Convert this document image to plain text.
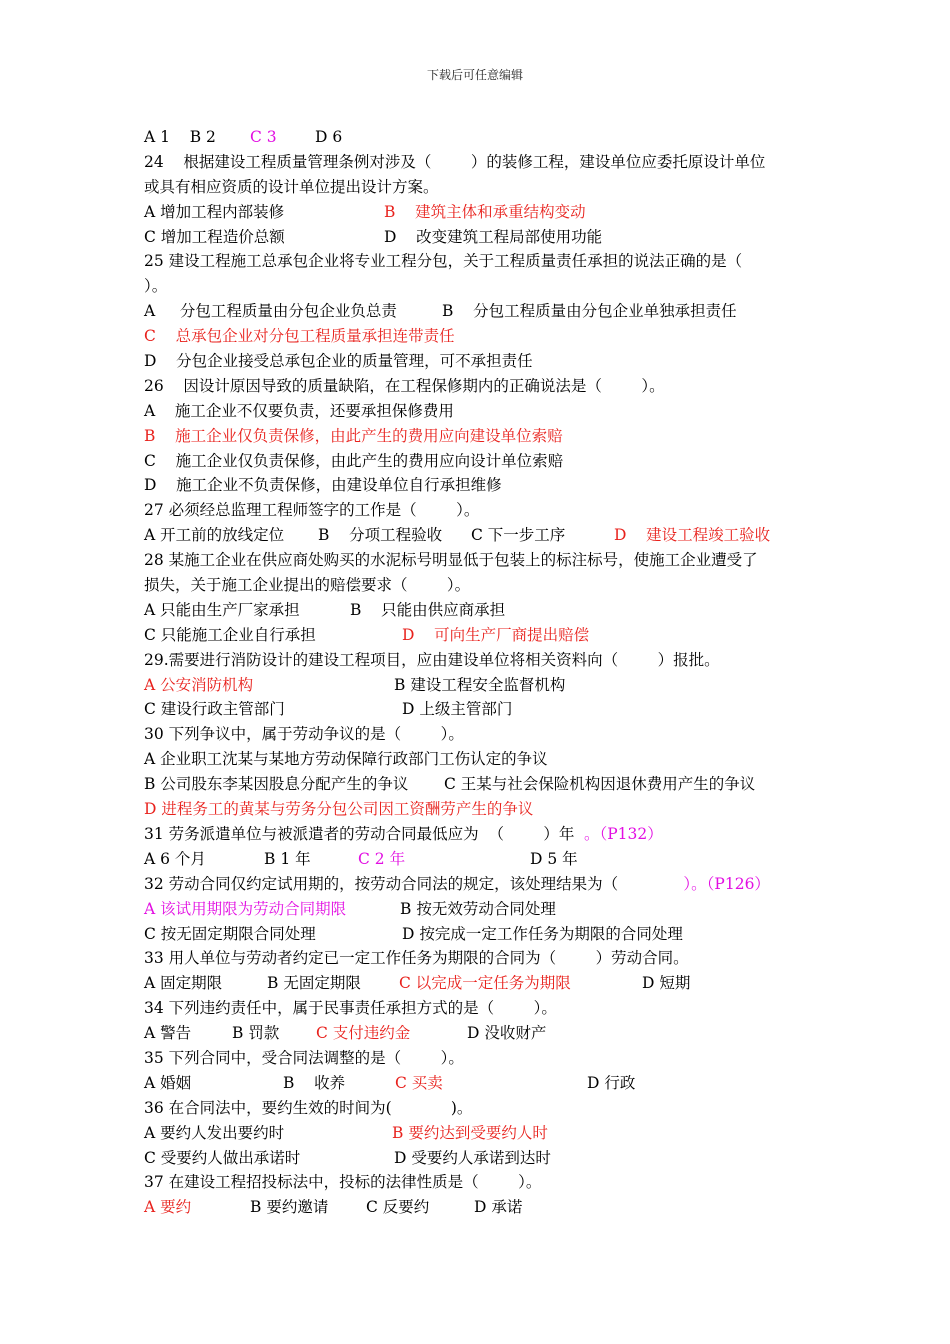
下载后可任意编辑
A 1    B 2 C 3 D 6
24    根据建设工程质量管理条例对涉及（        ）的装修工程，建设单位应委托原设计单位
或具有相应资质的设计单位提出设计方案。
A 增加工程内部装修	B    建筑主体和承重结构变动
C 增加工程造价总额	D    改变建筑工程局部使用功能
25 建设工程施工总承包企业将专业工程分包，关于工程质量责任承担的说法正确的是（
）。
A     分包工程质量由分包企业负总责	B    分包工程质量由分包企业单独承担责任
C    总承包企业对分包工程质量承担连带责任
D    分包企业接受总承包企业的质量管理，可不承担责任
26    因设计原因导致的质量缺陷，在工程保修期内的正确说法是（        ）。
A    施工企业不仅要负责，还要承担保修费用
B    施工企业仅负责保修，由此产生的费用应向建设单位索赔
C    施工企业仅负责保修，由此产生的费用应向设计单位索赔
D    施工企业不负责保修，由建设单位自行承担维修
27 必须经总监理工程师签字的工作是（        ）。
A 开工前的放线定位 B    分项工程验收 C 下一步工序	D    建设工程竣工验收
28 某施工企业在供应商处购买的水泥标号明显低于包装上的标注标号，使施工企业遭受了
损失，关于施工企业提出的赔偿要求（        ）。
A 只能由生产厂家承担	B    只能由供应商承担
C 只能施工企业自行承担	D    可向生产厂商提出赔偿
29.需要进行消防设计的建设工程项目，应由建设单位将相关资料向（        ）报批。
A 公安消防机构	B 建设工程安全监督机构
C 建设行政主管部门	D 上级主管部门
30 下列争议中，属于劳动争议的是（        ）。
A 企业职工沈某与某地方劳动保障行政部门工伤认定的争议
B 公司股东李某因股息分配产生的争议 C 王某与社会保险机构因退休费用产生的争议
D 进程务工的黄某与劳务分包公司因工资酬劳产生的争议
31 劳务派遣单位与被派遣者的劳动合同最低应为  （        ）年 。（P132）
A 6 个月	B 1 年	C 2 年	D 5 年
32 劳动合同仅约定试用期的，按劳动合同法的规定，该处理结果为（ ）。（P126）
A 该试用期限为劳动合同期限	B 按无效劳动合同处理
C 按无固定期限合同处理	D 按完成一定工作任务为期限的合同处理
33 用人单位与劳动者约定已一定工作任务为期限的合同为（        ）劳动合同。
A 固定期限	B 无固定期限 C 以完成一定任务为期限	D 短期
34 下列违约责任中，属于民事责任承担方式的是（        ）。
A 警告	B 罚款 C 支付违约金	D 没收财产
35 下列合同中，受合同法调整的是（        ）。
A 婚姻	B    收养	C 买卖	D 行政
36 在合同法中，要约生效的时间为(            )。
A 要约人发出要约时	B 要约达到受要约人时
C 受要约人做出承诺时	D 受要约人承诺到达时
37 在建设工程招投标法中，投标的法律性质是（        ）。
A 要约	B 要约邀请 C 反要约	D 承诺
